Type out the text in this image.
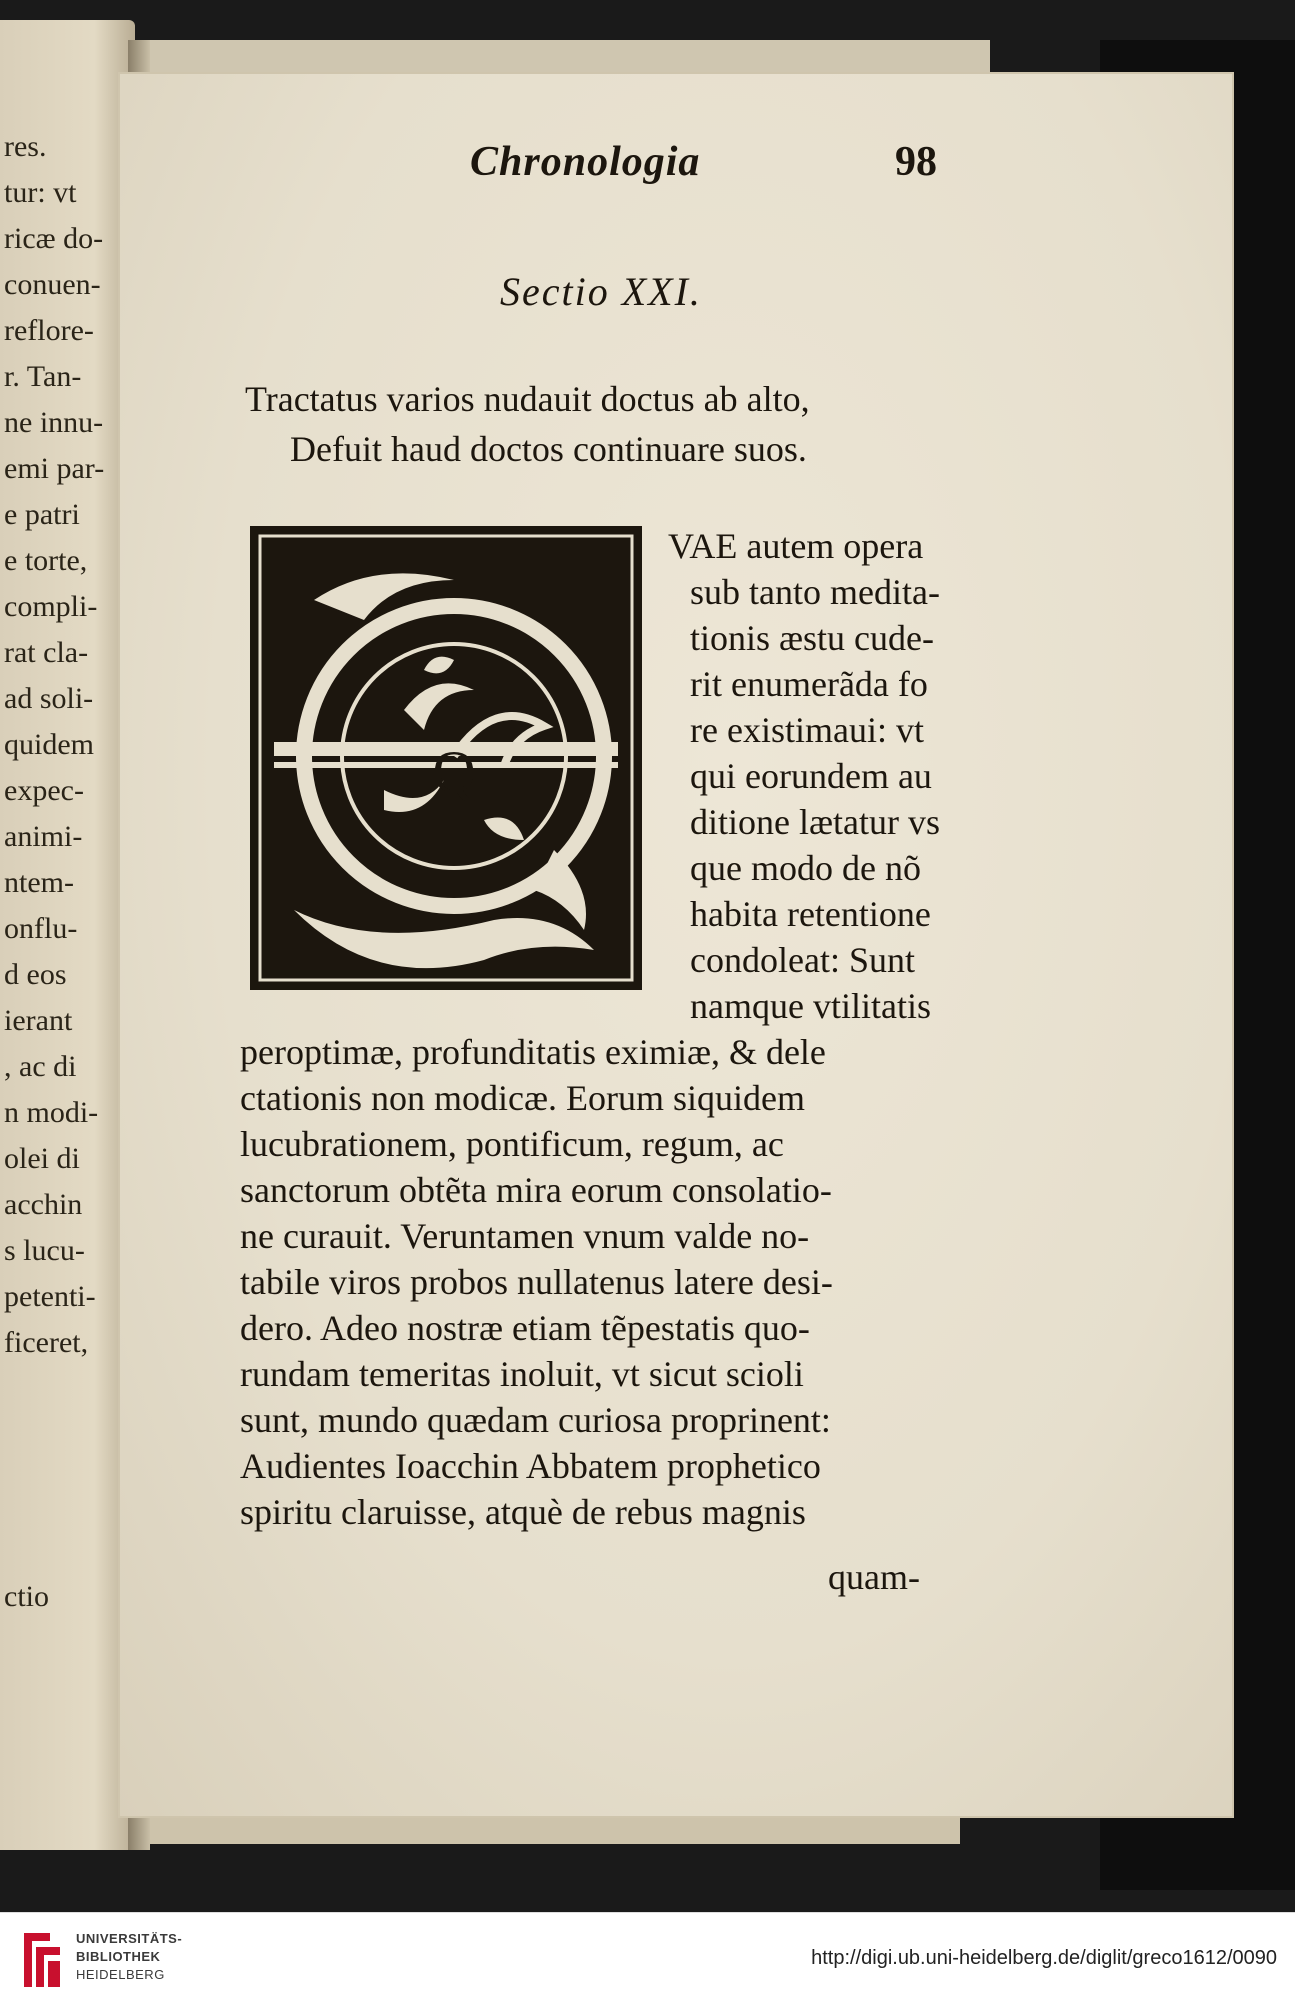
res.
tur: vt
ricæ do-
conuen-
reflore-
r. Tan-
ne innu-
emi par-
e patri
e torte,
compli-
rat cla-
ad soli-
quidem
expec-
animi-
ntem-
onflu-
d eos
ierant
, ac di
n modi-
olei di
acchin
s lucu-
petenti-
ficeret,
ctio
Chronologia	98
Sectio XXI.
Tractatus varios nudauit doctus ab alto,
Defuit haud doctos continuare suos.
Q
VAE autem opera
sub tanto medita-
tionis æstu cude-
rit enumerãda fo
re existimaui: vt
qui eorundem au
ditione lætatur vs
que modo de nõ
habita retentione
condoleat: Sunt
namque vtilitatis
peroptimæ, profunditatis eximiæ, & dele
ctationis non modicæ. Eorum siquidem
lucubrationem, pontificum, regum, ac
sanctorum obtẽta mira eorum consolatio-
ne curauit. Veruntamen vnum valde no-
tabile viros probos nullatenus latere desi-
dero. Adeo nostræ etiam tẽpestatis quo-
rundam temeritas inoluit, vt sicut scioli
sunt, mundo quædam curiosa proprinent:
Audientes Ioacchin Abbatem prophetico
spiritu claruisse, atquè de rebus magnis
quam-
UNIVERSITÄTS-
BIBLIOTHEK
HEIDELBERG
http://digi.ub.uni-heidelberg.de/diglit/greco1612/0090
